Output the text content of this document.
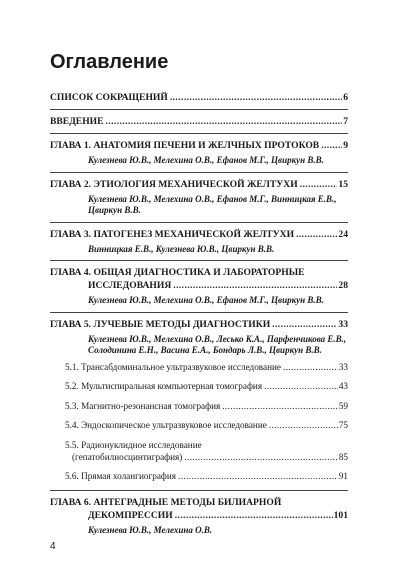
Оглавление
СПИСОК СОКРАЩЕНИЙ .....	6
ВВЕДЕНИЕ .....	7
ГЛАВА 1. АНАТОМИЯ ПЕЧЕНИ И ЖЕЛЧНЫХ ПРОТОКОВ .....	9
Кулезнева Ю.В., Мелехина О.В., Ефанов М.Г., Цвиркун В.В.
ГЛАВА 2. ЭТИОЛОГИЯ МЕХАНИЧЕСКОЙ ЖЕЛТУХИ .....	15
Кулезнева Ю.В., Мелехина О.В., Ефанов М.Г., Винницкая Е.В.,
Цвиркун В.В.
ГЛАВА 3. ПАТОГЕНЕЗ МЕХАНИЧЕСКОЙ ЖЕЛТУХИ .....	24
Винницкая Е.В., Кулезнева Ю.В., Цвиркун В.В.
ГЛАВА 4. ОБЩАЯ ДИАГНОСТИКА И ЛАБОРАТОРНЫЕ
ИССЛЕДОВАНИЯ .....	28
Кулезнева Ю.В., Мелехина О.В., Ефанов М.Г., Цвиркун В.В.
ГЛАВА 5. ЛУЧЕВЫЕ МЕТОДЫ ДИАГНОСТИКИ .....	33
Кулезнева Ю.В., Мелехина О.В., Лесько К.А., Парфенчикова Е.В.,
Солодинина Е.Н., Васина Е.А., Бондарь Л.В., Цвиркун В.В.
5.1. Трансабдоминальное ультразвуковое исследование .....	33
5.2. Мультиспиральная компьютерная томография .....	43
5.3. Магнитно-резонансная томография .....	59
5.4. Эндоскопическое ультразвуковое исследование .....	75
5.5. Радионуклидное исследование
(гепатобилиосцинтиграфия) .....	85
5.6. Прямая холангиография .....	91
ГЛАВА 6. АНТЕГРАДНЫЕ МЕТОДЫ БИЛИАРНОЙ
ДЕКОМПРЕССИИ .....	101
Кулезнева Ю.В., Мелехина О.В.
4
